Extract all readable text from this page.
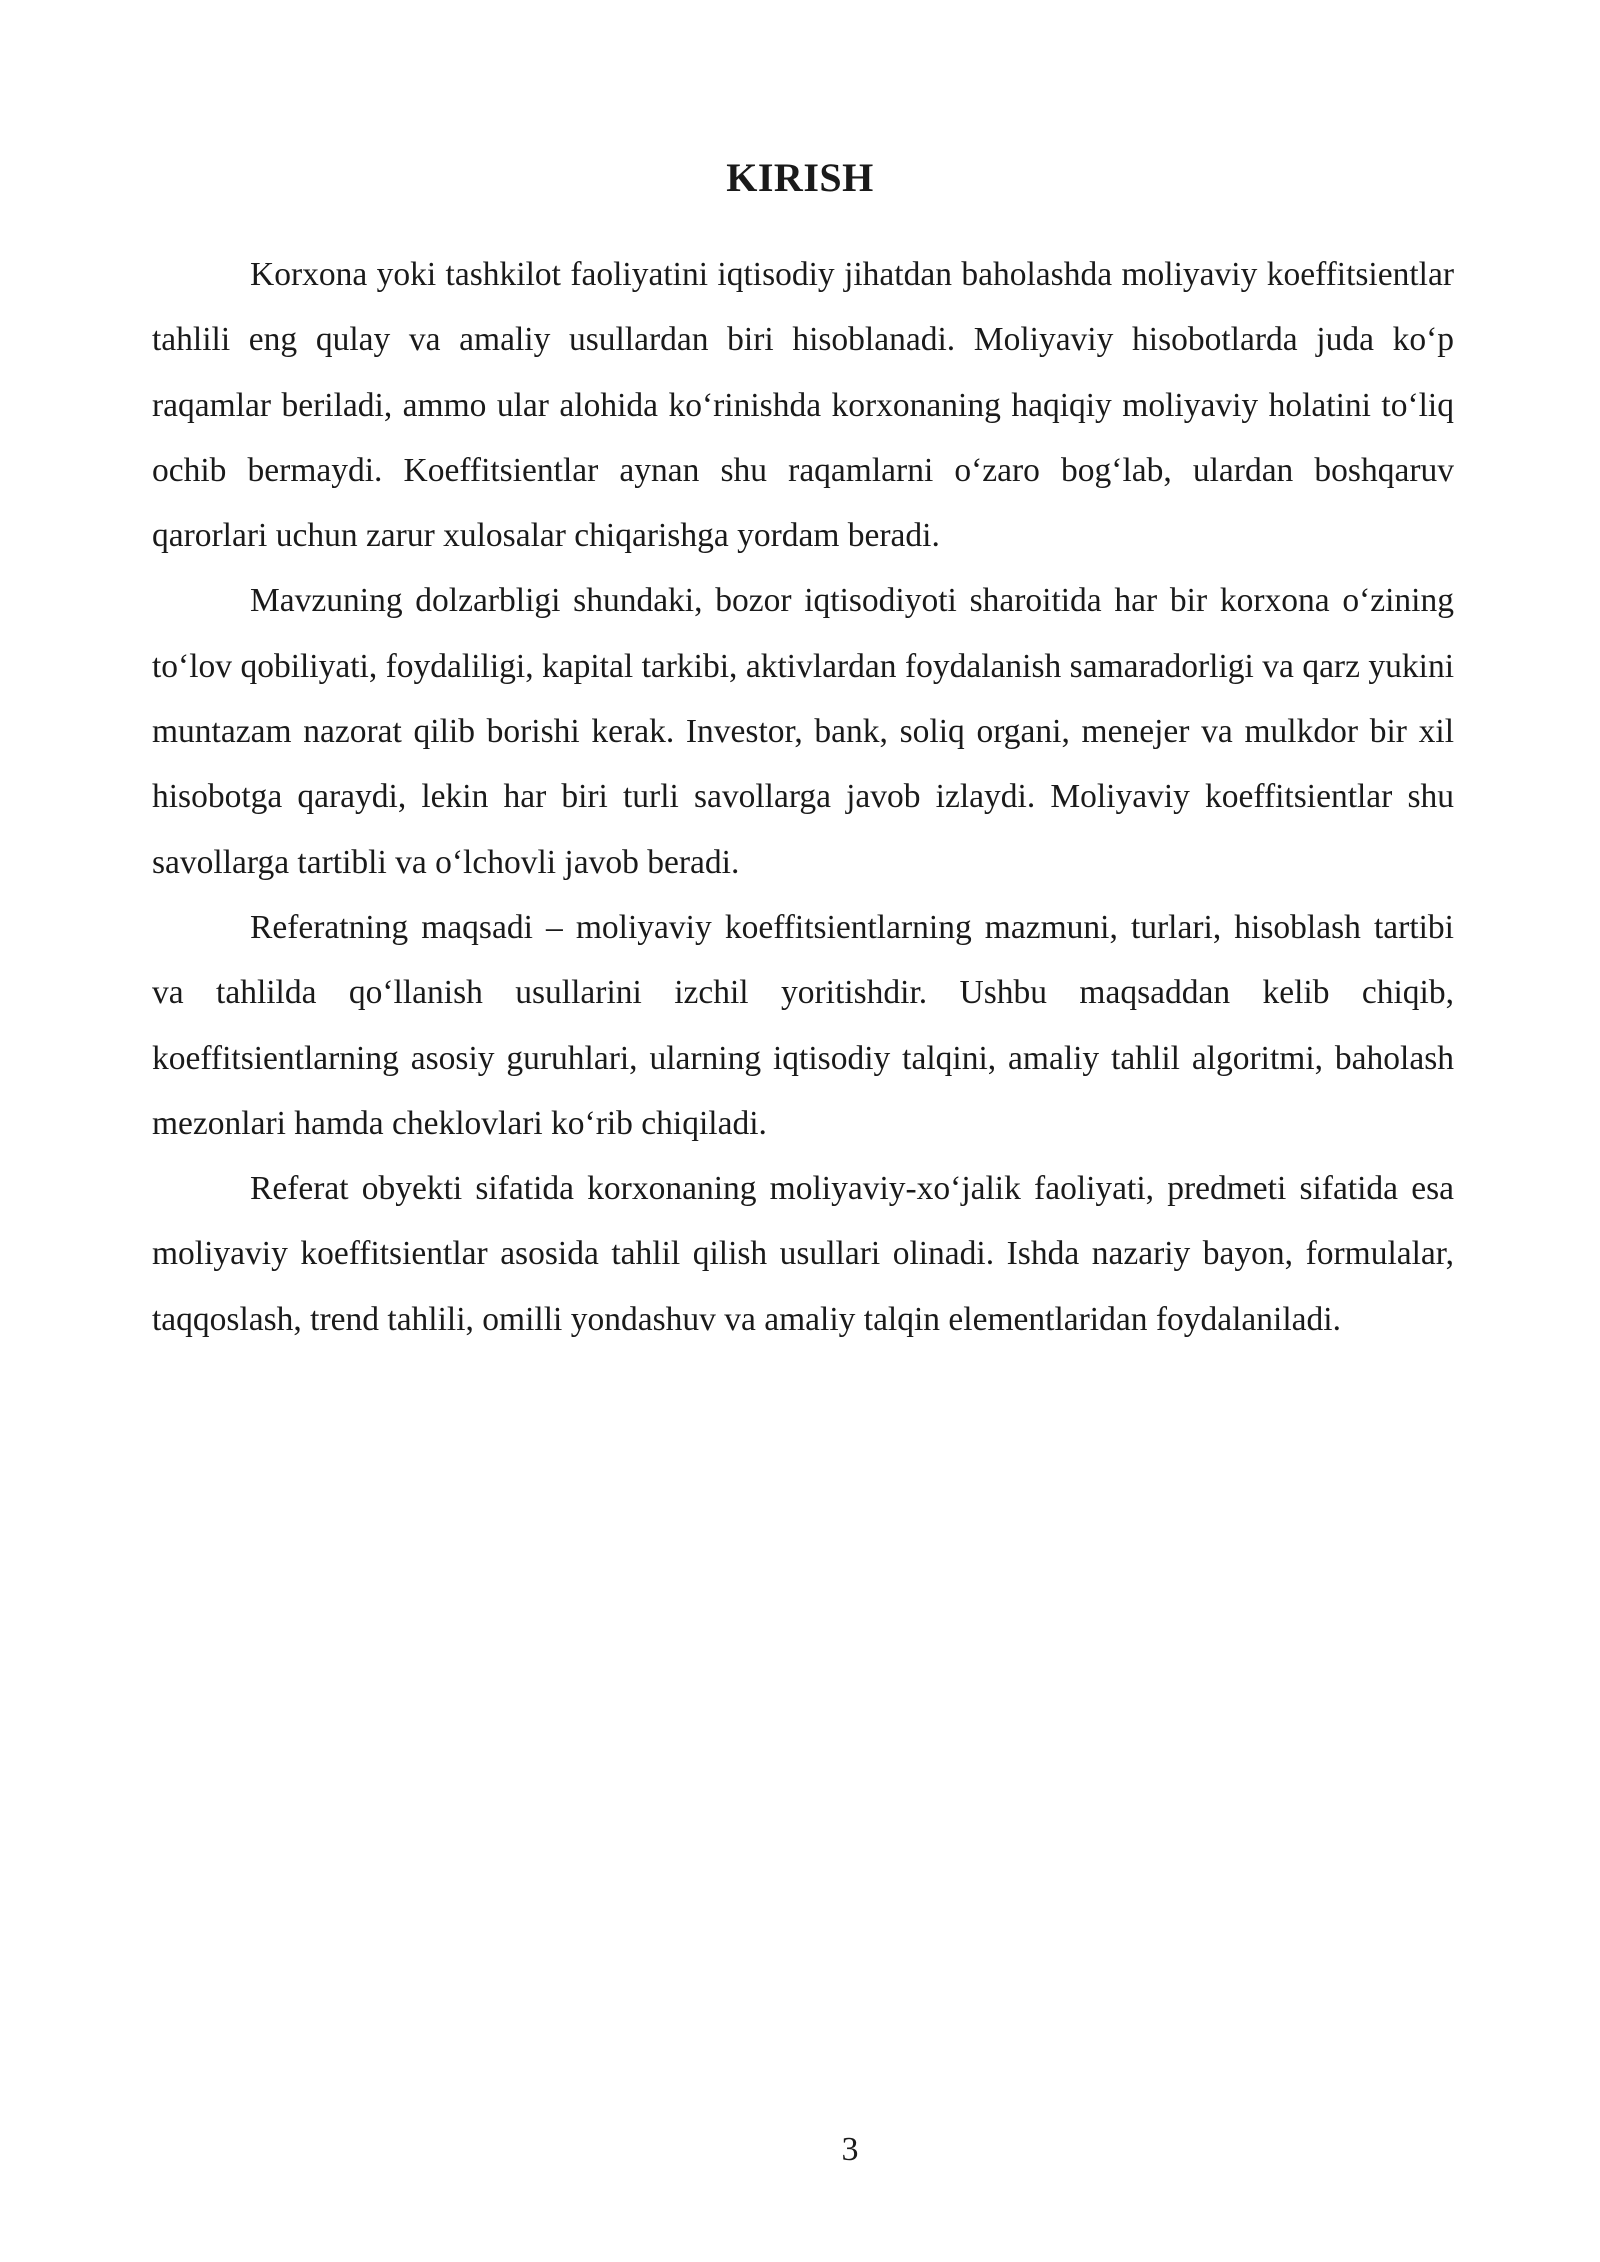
KIRISH

Korxona yoki tashkilot faoliyatini iqtisodiy jihatdan baholashda moliyaviy koeffitsientlar tahlili eng qulay va amaliy usullardan biri hisoblanadi. Moliyaviy hisobotlarda juda ko‘p raqamlar beriladi, ammo ular alohida ko‘rinishda korxonaning haqiqiy moliyaviy holatini to‘liq ochib bermaydi. Koeffitsientlar aynan shu raqamlarni o‘zaro bog‘lab, ulardan boshqaruv qarorlari uchun zarur xulosalar chiqarishga yordam beradi.

Mavzuning dolzarbligi shundaki, bozor iqtisodiyoti sharoitida har bir korxona o‘zining to‘lov qobiliyati, foydaliligi, kapital tarkibi, aktivlardan foydalanish samaradorligi va qarz yukini muntazam nazorat qilib borishi kerak. Investor, bank, soliq organi, menejer va mulkdor bir xil hisobotga qaraydi, lekin har biri turli savollarga javob izlaydi. Moliyaviy koeffitsientlar shu savollarga tartibli va o‘lchovli javob beradi.

Referatning maqsadi – moliyaviy koeffitsientlarning mazmuni, turlari, hisoblash tartibi va tahlilda qo‘llanish usullarini izchil yoritishdir. Ushbu maqsaddan kelib chiqib, koeffitsientlarning asosiy guruhlari, ularning iqtisodiy talqini, amaliy tahlil algoritmi, baholash mezonlari hamda cheklovlari ko‘rib chiqiladi.

Referat obyekti sifatida korxonaning moliyaviy-xo‘jalik faoliyati, predmeti sifatida esa moliyaviy koeffitsientlar asosida tahlil qilish usullari olinadi. Ishda nazariy bayon, formulalar, taqqoslash, trend tahlili, omilli yondashuv va amaliy talqin elementlaridan foydalaniladi.

3
